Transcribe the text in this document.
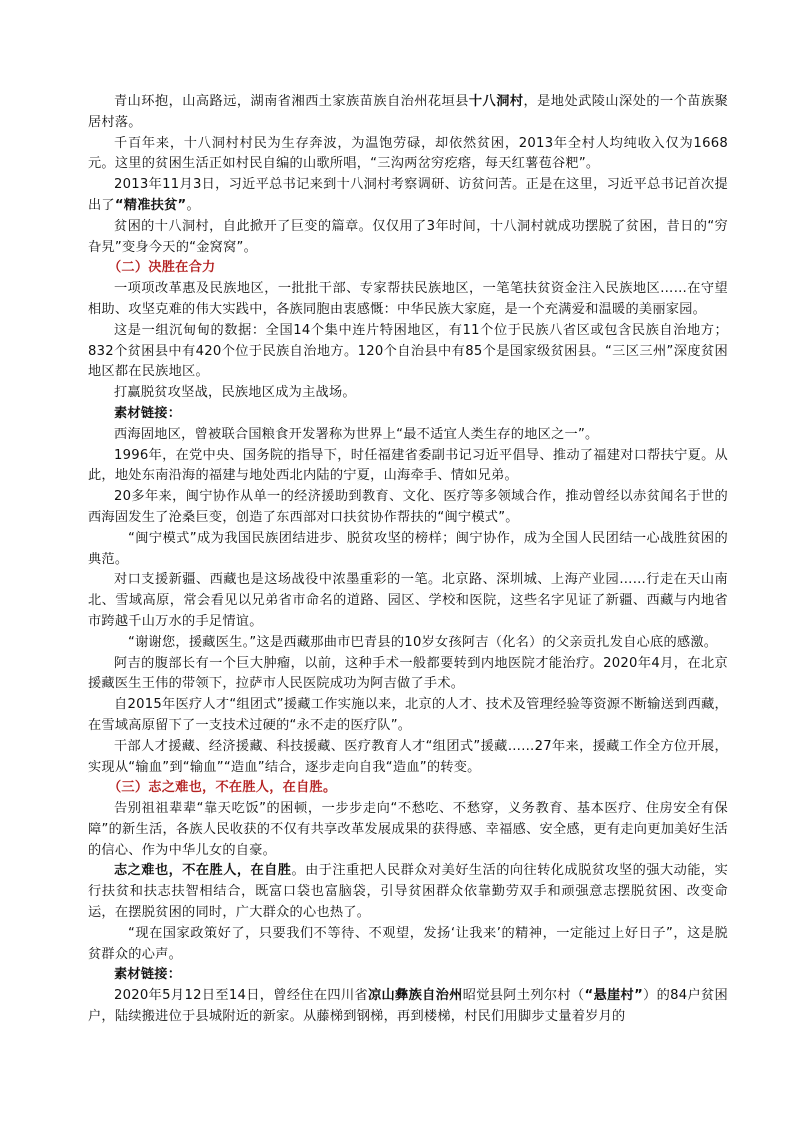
青山环抱，山高路远，湖南省湘西土家族苗族自治州花垣县十八洞村，是地处武陵山深处的一个苗族聚居村落。

千百年来，十八洞村村民为生存奔波，为温饱劳碌，却依然贫困，2013年全村人均纯收入仅为1668元。这里的贫困生活正如村民自编的山歌所唱，“三沟两岔穷疙瘩，每天红薯苞谷粑”。

2013年11月3日，习近平总书记来到十八洞村考察调研、访贫问苦。正是在这里，习近平总书记首次提出了“精准扶贫”。

贫困的十八洞村，自此掀开了巨变的篇章。仅仅用了3年时间，十八洞村就成功摆脱了贫困，昔日的“穷旮旯”变身今天的“金窝窝”。

（二）决胜在合力

一项项改革惠及民族地区，一批批干部、专家帮扶民族地区，一笔笔扶贫资金注入民族地区……在守望相助、攻坚克难的伟大实践中，各族同胞由衷感慨：中华民族大家庭，是一个充满爱和温暖的美丽家园。

这是一组沉甸甸的数据：全国14个集中连片特困地区，有11个位于民族八省区或包含民族自治地方；832个贫困县中有420个位于民族自治地方。120个自治县中有85个是国家级贫困县。“三区三州”深度贫困地区都在民族地区。

打赢脱贫攻坚战，民族地区成为主战场。

素材链接：

西海固地区，曾被联合国粮食开发署称为世界上“最不适宜人类生存的地区之一”。

1996年，在党中央、国务院的指导下，时任福建省委副书记习近平倡导、推动了福建对口帮扶宁夏。从此，地处东南沿海的福建与地处西北内陆的宁夏，山海牵手、情如兄弟。

20多年来，闽宁协作从单一的经济援助到教育、文化、医疗等多领域合作，推动曾经以赤贫闻名于世的西海固发生了沧桑巨变，创造了东西部对口扶贫协作帮扶的“闽宁模式”。

“闽宁模式”成为我国民族团结进步、脱贫攻坚的榜样；闽宁协作，成为全国人民团结一心战胜贫困的典范。

对口支援新疆、西藏也是这场战役中浓墨重彩的一笔。北京路、深圳城、上海产业园……行走在天山南北、雪域高原，常会看见以兄弟省市命名的道路、园区、学校和医院，这些名字见证了新疆、西藏与内地省市跨越千山万水的手足情谊。

“谢谢您，援藏医生。”这是西藏那曲市巴青县的10岁女孩阿吉（化名）的父亲贡扎发自心底的感激。

阿吉的腹部长有一个巨大肿瘤，以前，这种手术一般都要转到内地医院才能治疗。2020年4月，在北京援藏医生王伟的带领下，拉萨市人民医院成功为阿吉做了手术。

自2015年医疗人才“组团式”援藏工作实施以来，北京的人才、技术及管理经验等资源不断输送到西藏，在雪域高原留下了一支技术过硬的“永不走的医疗队”。

干部人才援藏、经济援藏、科技援藏、医疗教育人才“组团式”援藏……27年来，援藏工作全方位开展，实现从“输血”到“输血”“造血”结合，逐步走向自我“造血”的转变。

（三）志之难也，不在胜人，在自胜。

告别祖祖辈辈“靠天吃饭”的困顿，一步步走向“不愁吃、不愁穿，义务教育、基本医疗、住房安全有保障”的新生活，各族人民收获的不仅有共享改革发展成果的获得感、幸福感、安全感，更有走向更加美好生活的信心、作为中华儿女的自豪。

志之难也，不在胜人，在自胜。由于注重把人民群众对美好生活的向往转化成脱贫攻坚的强大动能，实行扶贫和扶志扶智相结合，既富口袋也富脑袋，引导贫困群众依靠勤劳双手和顽强意志摆脱贫困、改变命运，在摆脱贫困的同时，广大群众的心也热了。

“现在国家政策好了，只要我们不等待、不观望，发扬‘让我来’的精神，一定能过上好日子”，这是脱贫群众的心声。

素材链接：

2020年5月12日至14日，曾经住在四川省凉山彝族自治州昭觉县阿土列尔村（“悬崖村”）的84户贫困户，陆续搬进位于县城附近的新家。从藤梯到钢梯，再到楼梯，村民们用脚步丈量着岁月的
